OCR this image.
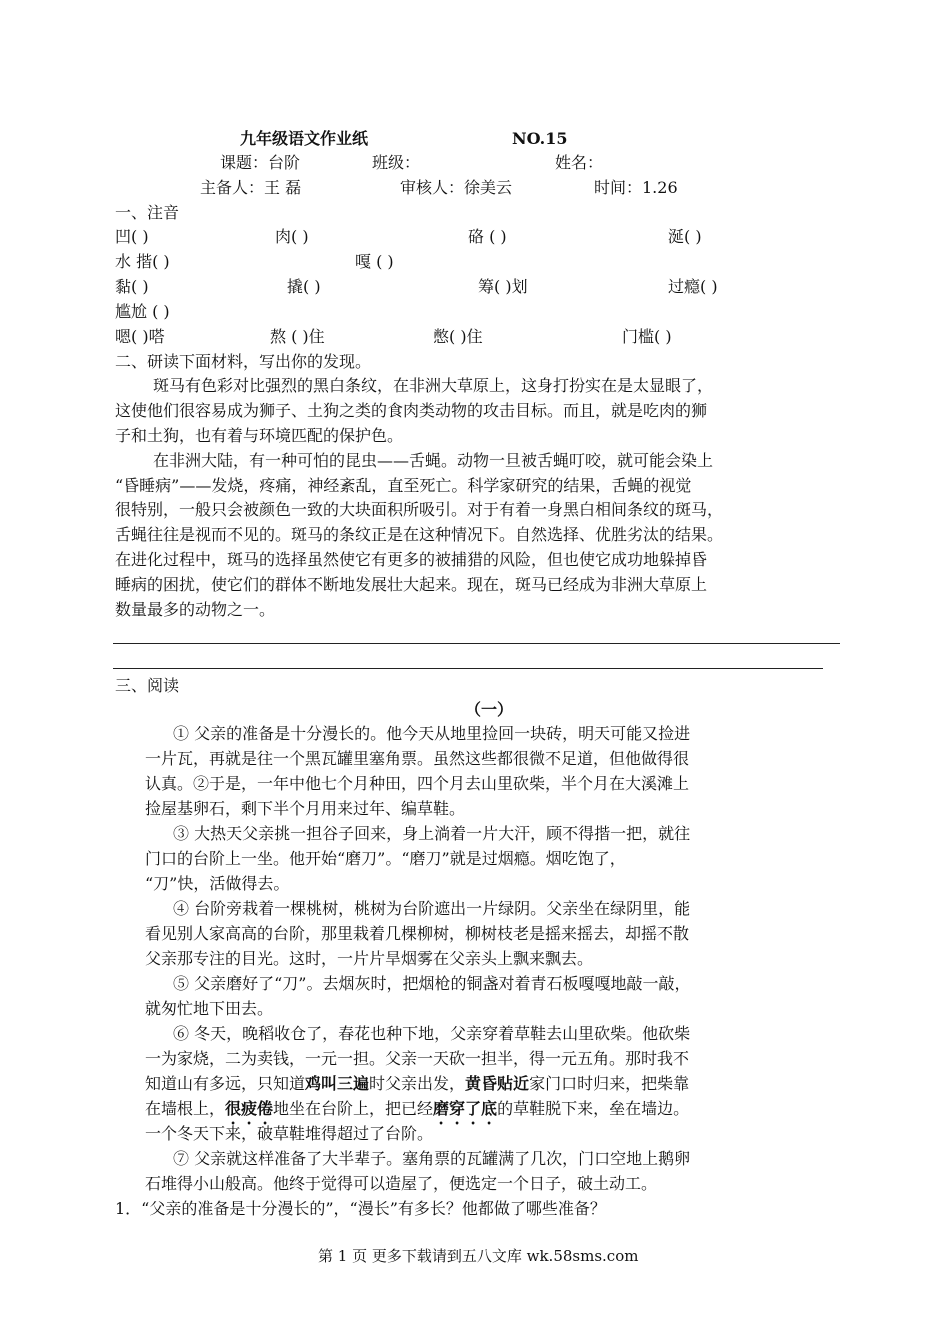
九年级语文作业纸	NO.15
课题：台阶	班级：	姓名：
主备人：王 磊	审核人：徐美云	时间：1.26
一、注音
凹( )	肉( )	硌 ( )	涎( )
水 揩( )	嘎 ( )
黏( )	撬( )	筹( )划	过瘾( )
尴尬 ( )
嗯( )嗒	熬 ( )住	憋( )住	门槛( )
二、研读下面材料，写出你的发现。
斑马有色彩对比强烈的黑白条纹，在非洲大草原上，这身打扮实在是太显眼了，
这使他们很容易成为狮子、土狗之类的食肉类动物的攻击目标。而且，就是吃肉的狮
子和土狗，也有着与环境匹配的保护色。
在非洲大陆，有一种可怕的昆虫——舌蝇。动物一旦被舌蝇叮咬，就可能会染上
“昏睡病”——发烧，疼痛，神经紊乱，直至死亡。科学家研究的结果，舌蝇的视觉
很特别，一般只会被颜色一致的大块面积所吸引。对于有着一身黑白相间条纹的斑马，
舌蝇往往是视而不见的。斑马的条纹正是在这种情况下。自然选择、优胜劣汰的结果。
在进化过程中，斑马的选择虽然使它有更多的被捕猎的风险，但也使它成功地躲掉昏
睡病的困扰，使它们的群体不断地发展壮大起来。现在，斑马已经成为非洲大草原上
数量最多的动物之一。
三、阅读
（一）
① 父亲的准备是十分漫长的。他今天从地里捡回一块砖，明天可能又捡进
一片瓦，再就是往一个黑瓦罐里塞角票。虽然这些都很微不足道，但他做得很
认真。②于是，一年中他七个月种田，四个月去山里砍柴，半个月在大溪滩上
捡屋基卵石，剩下半个月用来过年、编草鞋。
③ 大热天父亲挑一担谷子回来，身上淌着一片大汗，顾不得揩一把，就往
门口的台阶上一坐。他开始“磨刀”。“磨刀”就是过烟瘾。烟吃饱了，
“刀”快，活做得去。
④ 台阶旁栽着一棵桃树，桃树为台阶遮出一片绿阴。父亲坐在绿阴里，能
看见别人家高高的台阶，那里栽着几棵柳树，柳树枝老是摇来摇去，却摇不散
父亲那专注的目光。这时，一片片旱烟雾在父亲头上飘来飘去。
⑤ 父亲磨好了“刀”。去烟灰时，把烟枪的铜盏对着青石板嘎嘎地敲一敲，
就匆忙地下田去。
⑥ 冬天，晚稻收仓了，春花也种下地，父亲穿着草鞋去山里砍柴。他砍柴
一为家烧，二为卖钱，一元一担。父亲一天砍一担半，得一元五角。那时我不
知道山有多远，只知道鸡叫三遍时父亲出发，黄昏贴近家门口时归来，把柴靠
在墙根上，很疲倦地坐在台阶上，把已经磨穿了底的草鞋脱下来，垒在墙边。
一个冬天下来，破草鞋堆得超过了台阶。
⑦ 父亲就这样准备了大半辈子。塞角票的瓦罐满了几次，门口空地上鹅卵
石堆得小山般高。他终于觉得可以造屋了，便选定一个日子，破土动工。
1．“父亲的准备是十分漫长的”，“漫长”有多长？他都做了哪些准备？
第 1 页 更多下载请到五八文库 wk.58sms.com
